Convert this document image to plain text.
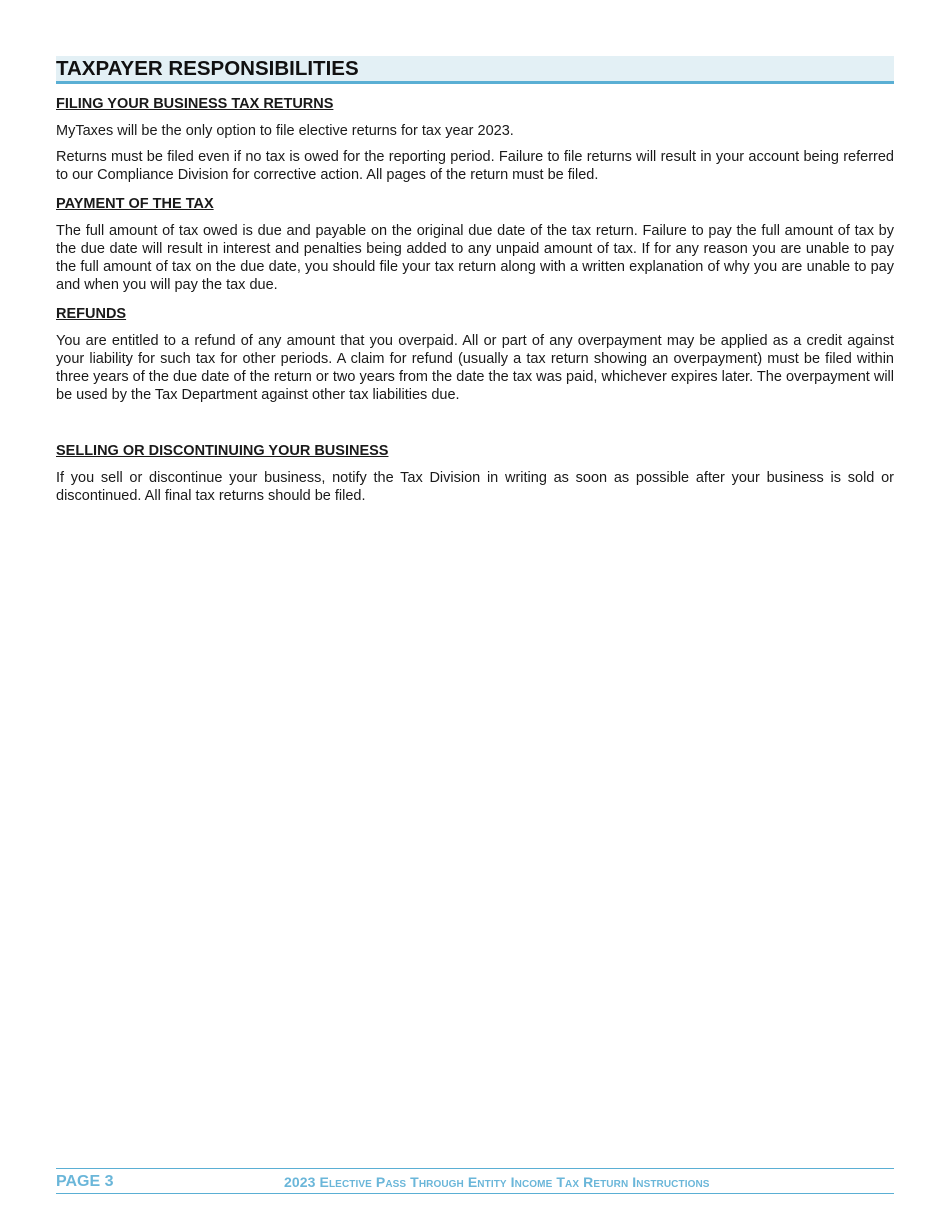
TAXPAYER RESPONSIBILITIES
FILING YOUR BUSINESS TAX RETURNS

MyTaxes will be the only option to file elective returns for tax year 2023.

Returns must be filed even if no tax is owed for the reporting period. Failure to file returns will result in your account being referred to our Compliance Division for corrective action. All pages of the return must be filed.

PAYMENT OF THE TAX

The full amount of tax owed is due and payable on the original due date of the tax return. Failure to pay the full amount of tax by the due date will result in interest and penalties being added to any unpaid amount of tax. If for any reason you are unable to pay the full amount of tax on the due date, you should file your tax return along with a written explanation of why you are unable to pay and when you will pay the tax due.

REFUNDS

You are entitled to a refund of any amount that you overpaid. All or part of any overpayment may be applied as a credit against your liability for such tax for other periods. A claim for refund (usually a tax return showing an overpayment) must be filed within three years of the due date of the return or two years from the date the tax was paid, whichever expires later. The overpayment will be used by the Tax Department against other tax liabilities due.

SELLING OR DISCONTINUING YOUR BUSINESS

If you sell or discontinue your business, notify the Tax Division in writing as soon as possible after your business is sold or discontinued. All final tax returns should be filed.

PAGE 3	2023 Elective Pass Through Entity Income Tax Return Instructions
